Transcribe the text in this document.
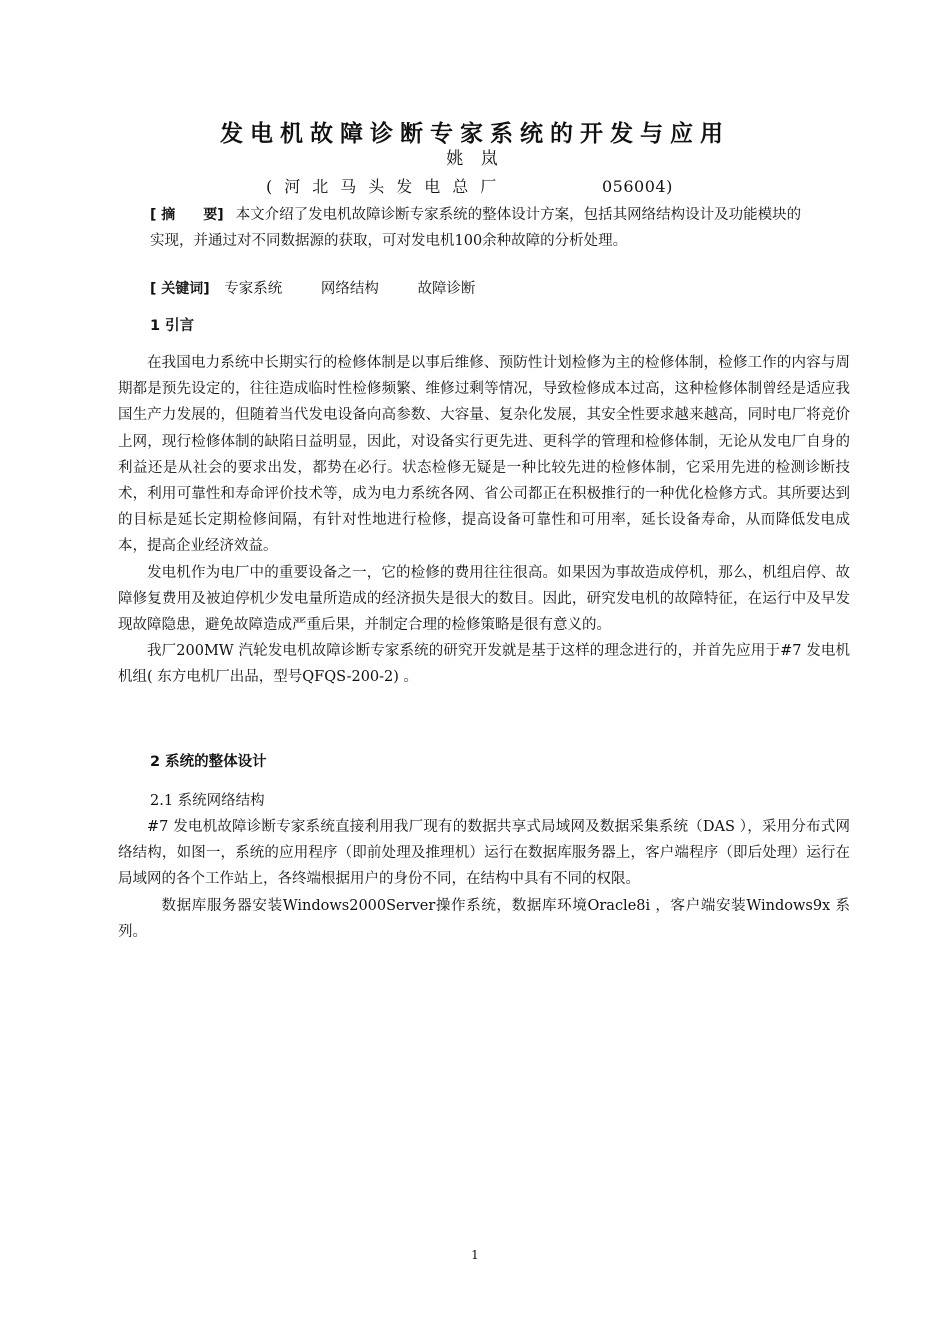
发电机故障诊断专家系统的开发与应用
姚 岚
(河北马头发电总厂	056004)
[ 摘 要] 本文介绍了发电机故障诊断专家系统的整体设计方案，包括其网络结构设计及功能模块的实现，并通过对不同数据源的获取，可对发电机100余种故障的分析处理。
[ 关键词] 专家系统	网络结构	故障诊断
1 引言

在我国电力系统中长期实行的检修体制是以事后维修、预防性计划检修为主的检修体制，检修工作的内容与周期都是预先设定的，往往造成临时性检修频繁、维修过剩等情况，导致检修成本过高，这种检修体制曾经是适应我国生产力发展的，但随着当代发电设备向高参数、大容量、复杂化发展，其安全性要求越来越高，同时电厂将竞价上网，现行检修体制的缺陷日益明显，因此，对设备实行更先进、更科学的管理和检修体制，无论从发电厂自身的利益还是从社会的要求出发，都势在必行。状态检修无疑是一种比较先进的检修体制，它采用先进的检测诊断技术，利用可靠性和寿命评价技术等，成为电力系统各网、省公司都正在积极推行的一种优化检修方式。其所要达到的目标是延长定期检修间隔，有针对性地进行检修，提高设备可靠性和可用率，延长设备寿命，从而降低发电成本，提高企业经济效益。

发电机作为电厂中的重要设备之一，它的检修的费用往往很高。如果因为事故造成停机，那么，机组启停、故障修复费用及被迫停机少发电量所造成的经济损失是很大的数目。因此，研究发电机的故障特征，在运行中及早发现故障隐患，避免故障造成严重后果，并制定合理的检修策略是很有意义的。

我厂200MW 汽轮发电机故障诊断专家系统的研究开发就是基于这样的理念进行的，并首先应用于#7 发电机机组( 东方电机厂出品，型号QFQS-200-2) 。

2 系统的整体设计
2.1 系统网络结构

#7 发电机故障诊断专家系统直接利用我厂现有的数据共享式局域网及数据采集系统（DAS ），采用分布式网络结构，如图一，系统的应用程序（即前处理及推理机）运行在数据库服务器上，客户端程序（即后处理）运行在局域网的各个工作站上，各终端根据用户的身份不同，在结构中具有不同的权限。

数据库服务器安装Windows2000Server操作系统，数据库环境Oracle8i ，客户端安装Windows9x 系列。

1
